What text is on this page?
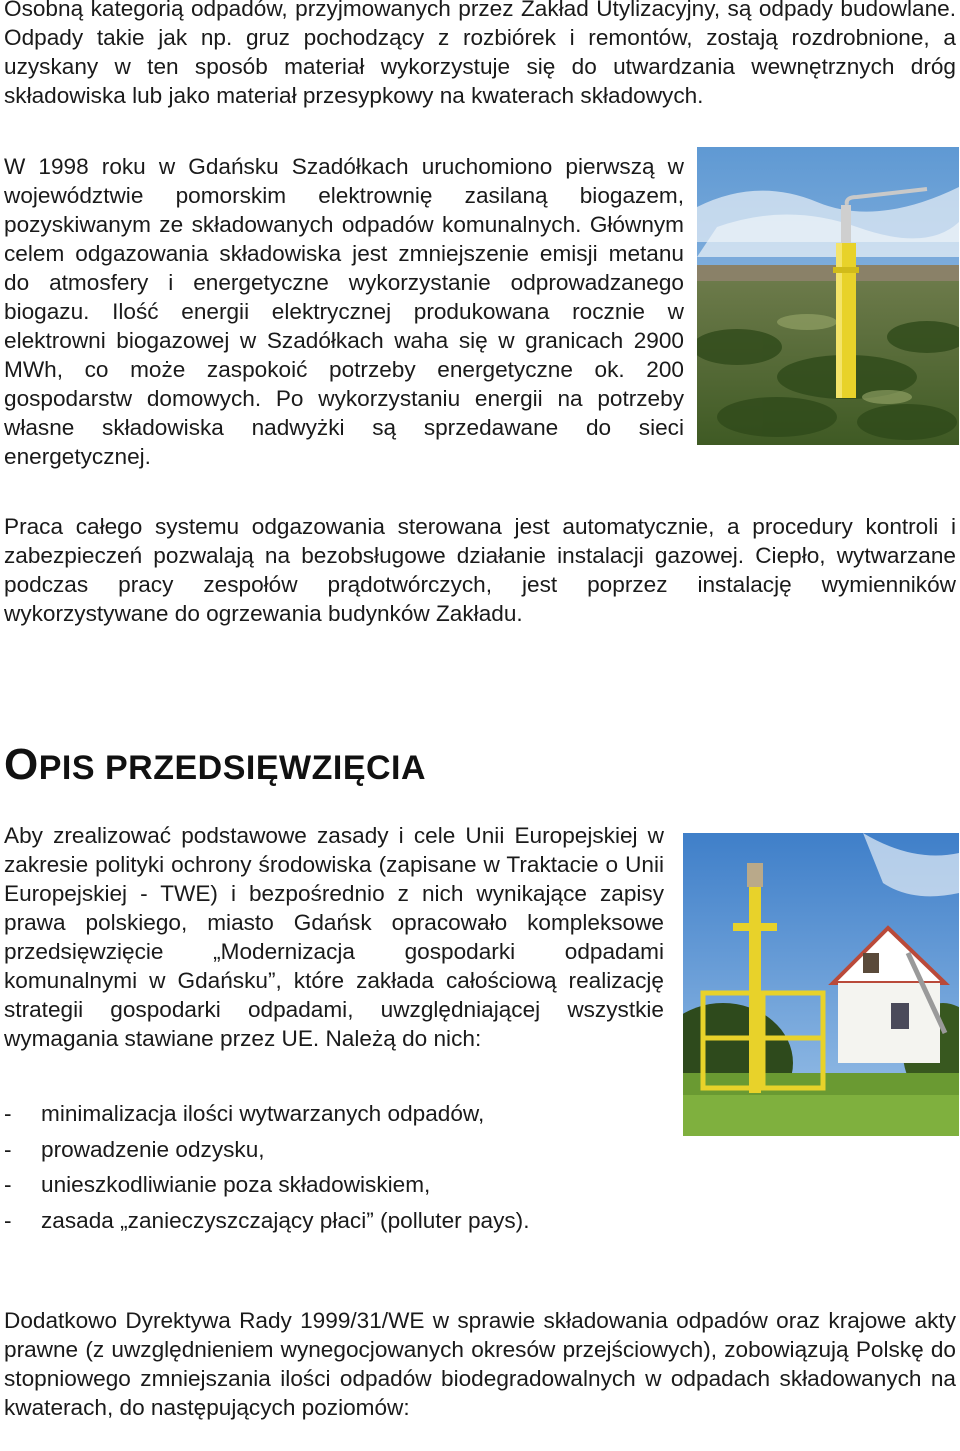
Osobną kategorią odpadów, przyjmowanych przez Zakład Utylizacyjny, są odpady budowlane. Odpady takie jak np. gruz pochodzący z rozbiórek i remontów, zostają rozdrobnione, a uzyskany w ten sposób materiał wykorzystuje się do utwardzania wewnętrznych dróg składowiska lub jako materiał przesypkowy na kwaterach składowych.

W 1998 roku w Gdańsku Szadółkach uruchomiono pierwszą w województwie pomorskim elektrownię zasilaną biogazem, pozyskiwanym ze składowanych odpadów komunalnych. Głównym celem odgazowania składowiska jest zmniejszenie emisji metanu do atmosfery i energetyczne wykorzystanie odprowadzanego biogazu. Ilość energii elektrycznej produkowana rocznie w elektrowni biogazowej w Szadółkach waha się w granicach 2900 MWh, co może zaspokoić potrzeby energetyczne ok. 200 gospodarstw domowych. Po wykorzystaniu energii na potrzeby własne składowiska nadwyżki są sprzedawane do sieci energetycznej.

Praca całego systemu odgazowania sterowana jest automatycznie, a procedury kontroli i zabezpieczeń pozwalają na bezobsługowe działanie instalacji gazowej. Ciepło, wytwarzane podczas pracy zespołów prądotwórczych, jest poprzez instalację wymienników wykorzystywane do ogrzewania budynków Zakładu.

OPIS PRZEDSIĘWZIĘCIA

Aby zrealizować podstawowe zasady i cele Unii Europejskiej w zakresie polityki ochrony środowiska (zapisane w Traktacie o Unii Europejskiej - TWE) i bezpośrednio z nich wynikające zapisy prawa polskiego, miasto Gdańsk opracowało kompleksowe przedsięwzięcie „Modernizacja gospodarki odpadami komunalnymi w Gdańsku”, które zakłada całościową realizację strategii gospodarki odpadami, uwzględniającej wszystkie wymagania stawiane przez UE. Należą do nich:

-	minimalizacja ilości wytwarzanych odpadów,
-	prowadzenie odzysku,
-	unieszkodliwianie poza składowiskiem,
-	zasada „zanieczyszczający płaci” (polluter pays).

Dodatkowo Dyrektywa Rady 1999/31/WE w sprawie składowania odpadów oraz krajowe akty prawne (z uwzględnieniem wynegocjowanych okresów przejściowych), zobowiązują Polskę do stopniowego zmniejszania ilości odpadów biodegradowalnych w odpadach składowanych na kwaterach, do następujących poziomów:
